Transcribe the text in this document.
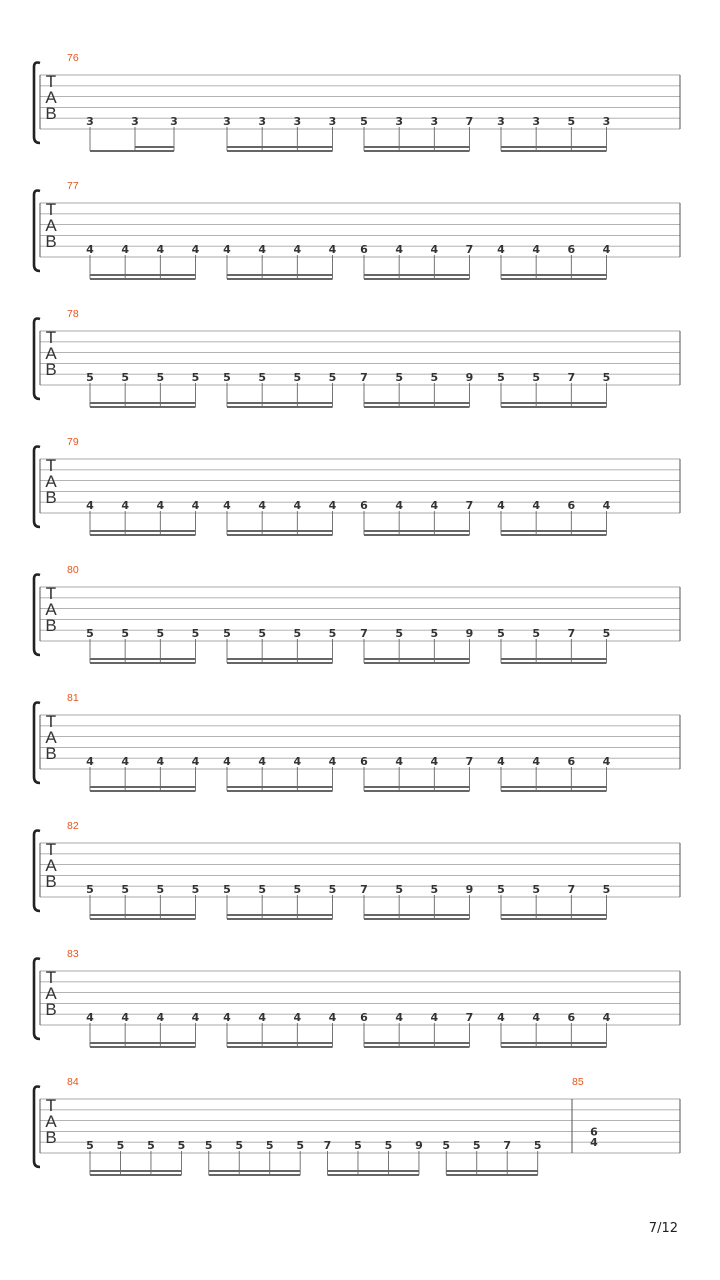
T
A
B
76
3	3	3	3	3	3	3 5	3	3	7 3	3	5	3
T
A
B
77
4	4	4	4 4	4	4	4 6	4	4	7 4	4	6	4
T
A
B
78
5	5	5	5 5	5	5	5 7	5	5	9 5	5	7	5
T
A
B
79
4	4	4	4 4	4	4	4 6	4	4	7 4	4	6	4
T
A
B
80
5	5	5	5 5	5	5	5 7	5	5	9 5	5	7	5
T
A
B
81
4	4	4	4 4	4	4	4 6	4	4	7 4	4	6	4
T
A
B
82
5	5	5	5 5	5	5	5 7	5	5	9 5	5	7	5
T
A
B
83
4	4	4	4 4	4	4	4 6	4	4	7 4	4	6	4
T
A
B
84
5 5 5 5 5 5 5 5 7 5 5 9 5 5 7 5
85
6
4
7/12
